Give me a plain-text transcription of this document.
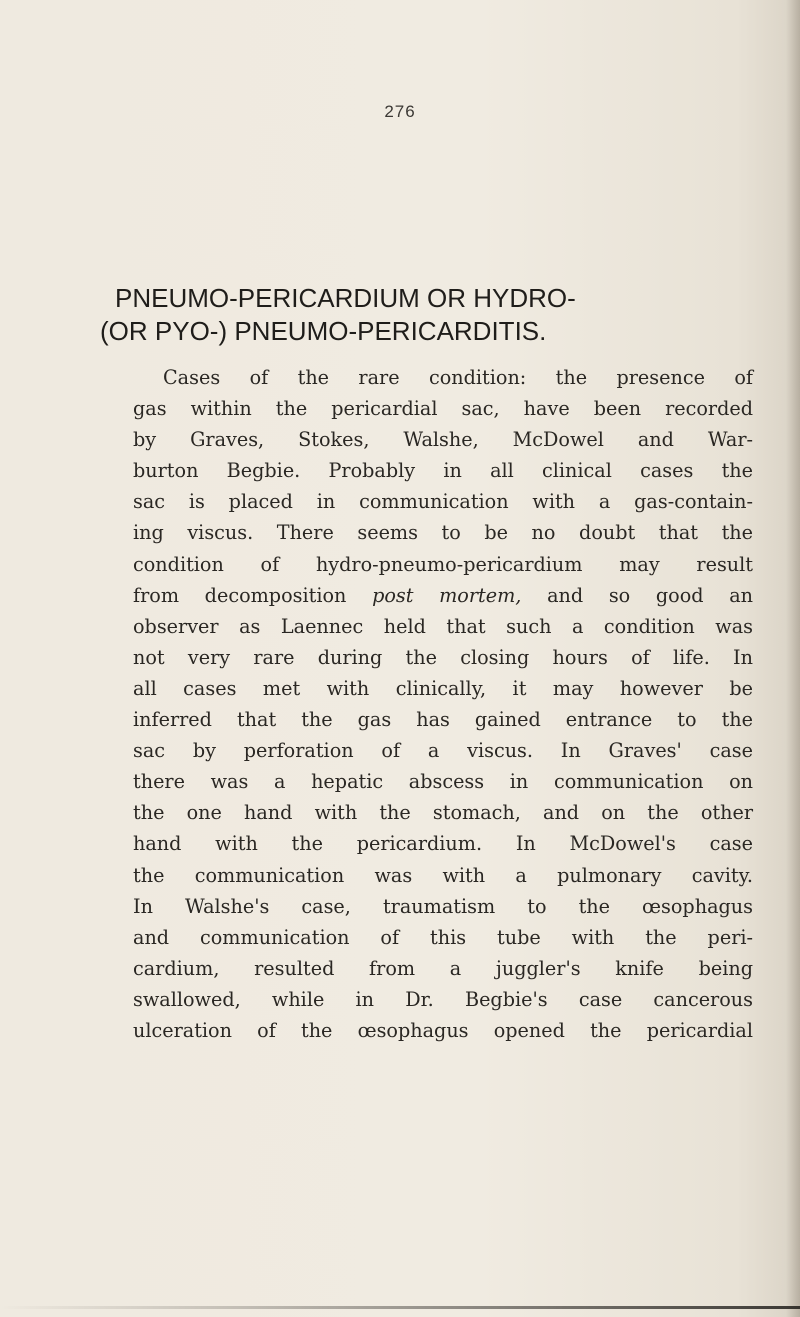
276
PNEUMO-PERICARDIUM OR HYDRO-
(OR PYO-) PNEUMO-PERICARDITIS.
Cases of the rare condition: the presence of
gas within the pericardial sac, have been recorded
by Graves, Stokes, Walshe, McDowel and War-
burton Begbie. Probably in all clinical cases the
sac is placed in communication with a gas-contain-
ing viscus. There seems to be no doubt that the
condition of hydro-pneumo-pericardium may result
from decomposition post mortem, and so good an
observer as Laennec held that such a condition was
not very rare during the closing hours of life. In
all cases met with clinically, it may however be
inferred that the gas has gained entrance to the
sac by perforation of a viscus. In Graves' case
there was a hepatic abscess in communication on
the one hand with the stomach, and on the other
hand with the pericardium. In McDowel's case
the communication was with a pulmonary cavity.
In Walshe's case, traumatism to the œsophagus
and communication of this tube with the peri-
cardium, resulted from a juggler's knife being
swallowed, while in Dr. Begbie's case cancerous
ulceration of the œsophagus opened the pericardial
